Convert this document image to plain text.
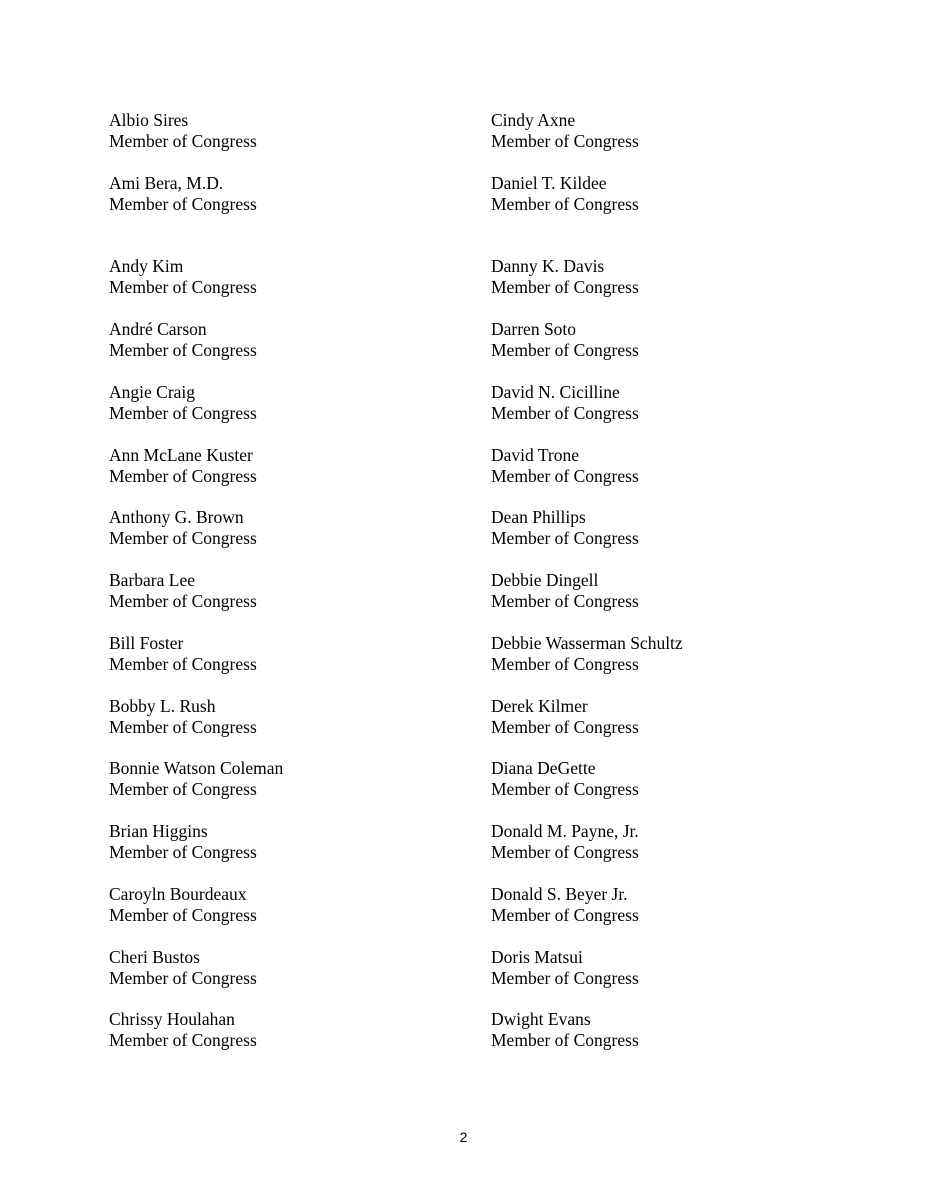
Albio Sires
Member of Congress
Ami Bera, M.D.
Member of Congress
Andy Kim
Member of Congress
André Carson
Member of Congress
Angie Craig
Member of Congress
Ann McLane Kuster
Member of Congress
Anthony G. Brown
Member of Congress
Barbara Lee
Member of Congress
Bill Foster
Member of Congress
Bobby L. Rush
Member of Congress
Bonnie Watson Coleman
Member of Congress
Brian Higgins
Member of Congress
Caroyln Bourdeaux
Member of Congress
Cheri Bustos
Member of Congress
Chrissy Houlahan
Member of Congress
Cindy Axne
Member of Congress
Daniel T. Kildee
Member of Congress
Danny K. Davis
Member of Congress
Darren Soto
Member of Congress
David N. Cicilline
Member of Congress
David Trone
Member of Congress
Dean Phillips
Member of Congress
Debbie Dingell
Member of Congress
Debbie Wasserman Schultz
Member of Congress
Derek Kilmer
Member of Congress
Diana DeGette
Member of Congress
Donald M. Payne, Jr.
Member of Congress
Donald S. Beyer Jr.
Member of Congress
Doris Matsui
Member of Congress
Dwight Evans
Member of Congress
2
